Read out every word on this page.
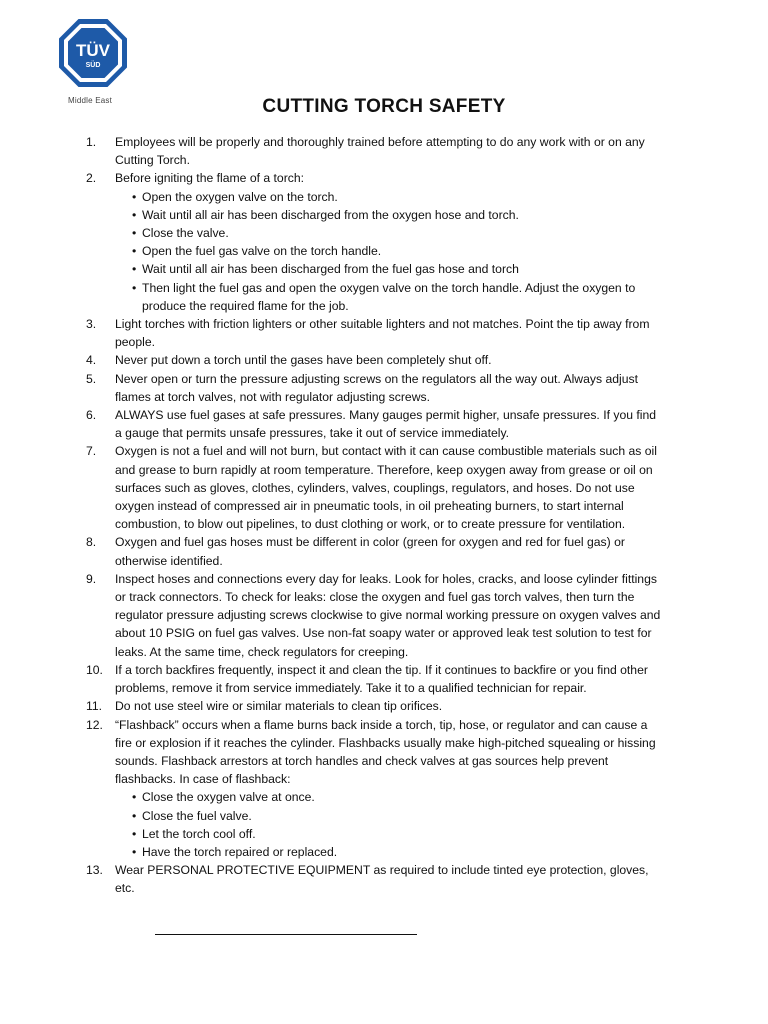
TÜV
SÜD
Middle East	CUTTING TORCH SAFETY
1. Employees will be properly and thoroughly trained before attempting to do any work with or on any Cutting Torch.
2. Before igniting the flame of a torch:
• Open the oxygen valve on the torch.
• Wait until all air has been discharged from the oxygen hose and torch.
• Close the valve.
• Open the fuel gas valve on the torch handle.
• Wait until all air has been discharged from the fuel gas hose and torch
• Then light the fuel gas and open the oxygen valve on the torch handle. Adjust the oxygen to produce the required flame for the job.
3. Light torches with friction lighters or other suitable lighters and not matches. Point the tip away from people.
4. Never put down a torch until the gases have been completely shut off.
5. Never open or turn the pressure adjusting screws on the regulators all the way out. Always adjust flames at torch valves, not with regulator adjusting screws.
6. ALWAYS use fuel gases at safe pressures. Many gauges permit higher, unsafe pressures. If you find a gauge that permits unsafe pressures, take it out of service immediately.
7. Oxygen is not a fuel and will not burn, but contact with it can cause combustible materials such as oil and grease to burn rapidly at room temperature. Therefore, keep oxygen away from grease or oil on surfaces such as gloves, clothes, cylinders, valves, couplings, regulators, and hoses. Do not use oxygen instead of compressed air in pneumatic tools, in oil preheating burners, to start internal combustion, to blow out pipelines, to dust clothing or work, or to create pressure for ventilation.
8. Oxygen and fuel gas hoses must be different in color (green for oxygen and red for fuel gas) or otherwise identified.
9. Inspect hoses and connections every day for leaks. Look for holes, cracks, and loose cylinder fittings or track connectors. To check for leaks: close the oxygen and fuel gas torch valves, then turn the regulator pressure adjusting screws clockwise to give normal working pressure on oxygen valves and about 10 PSIG on fuel gas valves. Use non-fat soapy water or approved leak test solution to test for leaks. At the same time, check regulators for creeping.
10. If a torch backfires frequently, inspect it and clean the tip. If it continues to backfire or you find other problems, remove it from service immediately. Take it to a qualified technician for repair.
11. Do not use steel wire or similar materials to clean tip orifices.
12. “Flashback” occurs when a flame burns back inside a torch, tip, hose, or regulator and can cause a fire or explosion if it reaches the cylinder. Flashbacks usually make high-pitched squealing or hissing sounds. Flashback arrestors at torch handles and check valves at gas sources help prevent flashbacks. In case of flashback:
• Close the oxygen valve at once.
• Close the fuel valve.
• Let the torch cool off.
• Have the torch repaired or replaced.
13. Wear PERSONAL PROTECTIVE EQUIPMENT as required to include tinted eye protection, gloves, etc.
